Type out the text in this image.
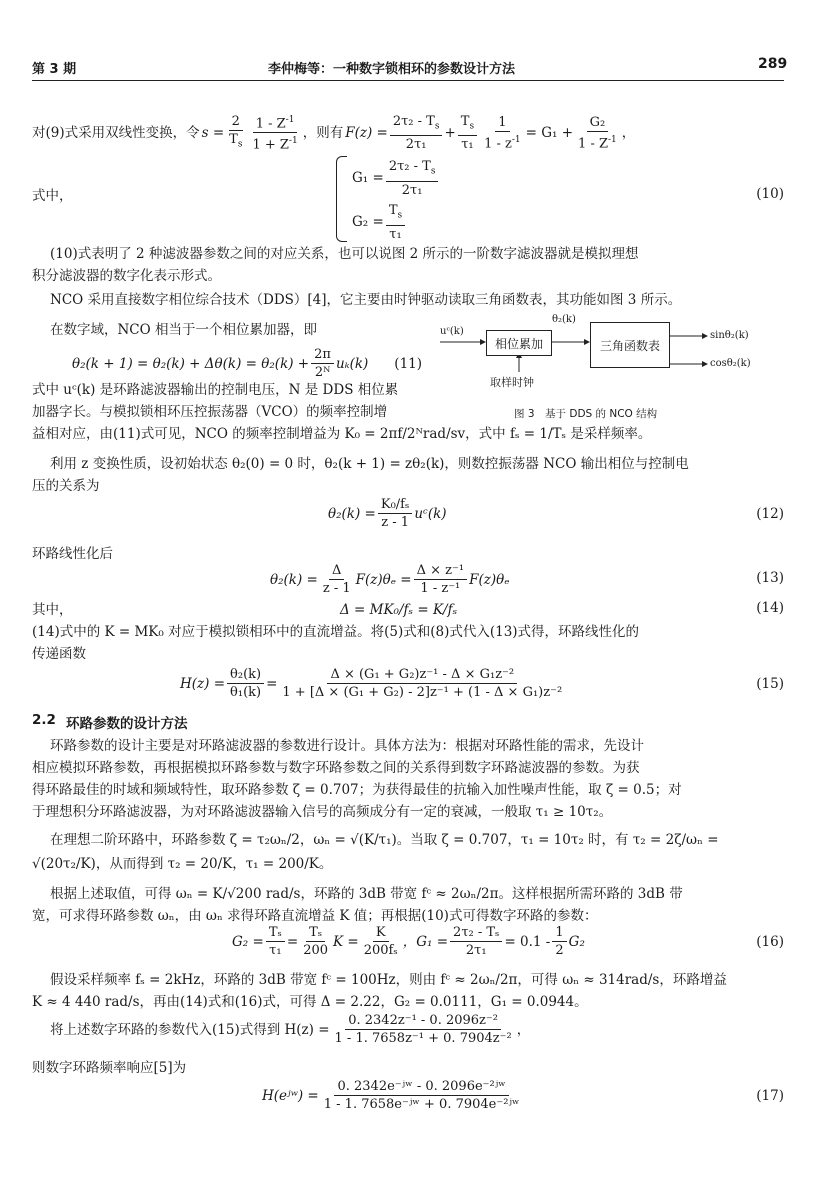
第 3 期	李仲梅等：一种数字锁相环的参数设计方法	289
对(9)式采用双线性变换，令 $s = \frac{2}{T_s} \frac{1 - Z^{-1}}{1 + Z^{-1}}$ ，则有 $F(z) = \frac{2\tau_2 - T_s}{\text{2τ₁}} + \frac{T_s}{\text{τ₁}} \frac{1}{1 - z^{-1}} = G_1 + \frac{\text{G₂}}{1 - Z^{-1}}$ ，
式中，
$G_1 = \frac{2\tau_2 - T_s}{\text{2τ₁}}$
$G_2 = \frac{T_s}{\text{τ₁}}$
(10)
(10)式表明了 2 种滤波器参数之间的对应关系，也可以说图 2 所示的一阶数字滤波器就是模拟理想
积分滤波器的数字化表示形式。
NCO 采用直接数字相位综合技术（DDS）[4]，它主要由时钟驱动读取三角函数表，其功能如图 3 所示。
在数字域，NCO 相当于一个相位累加器，即
$\theta_2(k + 1) = \theta_2(k) + \Delta\theta(k) = \theta_2(k) + \frac{2\pi}{\text{2ᴺ}} u_k(k)$ (11)
式中 uᶜ(k) 是环路滤波器输出的控制电压，N 是 DDS 相位累
加器字长。与模拟锁相环压控振荡器（VCO）的频率控制增
益相对应，由(11)式可见，NCO 的频率控制增益为 K₀ = 2πf/2ᴺrad/sv，式中 fₛ = 1/Tₛ 是采样频率。
相位累加	三角函数表
uᶜ(k)
θ₂(k)
取样时钟
sinθ₂(k)
cosθ₂(k)
图 3　基于 DDS 的 NCO 结构
利用 z 变换性质，设初始状态 θ₂(0) = 0 时，θ₂(k + 1) = zθ₂(k)，则数控振荡器 NCO 输出相位与控制电
压的关系为
$\theta_2(k) = \frac{\text{K₀/fₛ}}{z - 1}$ uᶜ(k)	(12)
环路线性化后
$\theta_2(k) = \frac{\Delta}{z - 1} F(z)\theta_e = \frac{\text{Δ × z⁻¹}}{\text{1 - z⁻¹}} F(z)\theta_e$	(13)
其中，	Δ = MK₀/fₛ = K/fₛ	(14)
(14)式中的 K = MK₀ 对应于模拟锁相环中的直流增益。将(5)式和(8)式代入(13)式得，环路线性化的
传递函数
$H(z) = \frac{\text{θ₂(k)}}{\text{θ₁(k)}} = \frac{\text{Δ × (G₁ + G₂)z⁻¹ - Δ × G₁z⁻²}}{\text{1 + [Δ × (G₁ + G₂) - 2]z⁻¹ + (1 - Δ × G₁)z⁻²}}$	(15)
2.2 环路参数的设计方法
环路参数的设计主要是对环路滤波器的参数进行设计。具体方法为：根据对环路性能的需求，先设计
相应模拟环路参数，再根据模拟环路参数与数字环路参数之间的关系得到数字环路滤波器的参数。为获
得环路最佳的时域和频域特性，取环路参数 ζ = 0.707；为获得最佳的抗输入加性噪声性能，取 ζ = 0.5；对
于理想积分环路滤波器，为对环路滤波器输入信号的高频成分有一定的衰减，一般取 τ₁ ≥ 10τ₂。
在理想二阶环路中，环路参数 ζ = τ₂ωₙ/2，ωₙ = √(K/τ₁)。当取 ζ = 0.707，τ₁ = 10τ₂ 时，有 τ₂ = 2ζ/ωₙ =
√(20τ₂/K)，从而得到 τ₂ = 20/K，τ₁ = 200/K。
根据上述取值，可得 ωₙ = K/√200 rad/s，环路的 3dB 带宽 fᶜ ≈ 2ωₙ/2π。这样根据所需环路的 3dB 带
宽，可求得环路参数 ωₙ，由 ωₙ 求得环路直流增益 K 值；再根据(10)式可得数字环路的参数：
$G_2 = \frac{\text{Tₛ}}{\text{τ₁}} = \frac{\text{Tₛ}}{200}$ $K = \frac{K}{\text{200fₛ}}$ ，$G_1 = \frac{\text{2τ₂ - Tₛ}}{\text{2τ₁}} = 0.1 - \frac{1}{2} G_2$	(16)
假设采样频率 fₛ = 2kHz，环路的 3dB 带宽 fᶜ = 100Hz，则由 fᶜ ≈ 2ωₙ/2π，可得 ωₙ ≈ 314rad/s，环路增益
K ≈ 4 440 rad/s，再由(14)式和(16)式，可得 Δ = 2.22，G₂ = 0.0111，G₁ = 0.0944。
将上述数字环路的参数代入(15)式得到 $H(z) = \frac{\text{0. 2342z⁻¹ - 0. 2096z⁻²}}{\text{1 - 1. 7658z⁻¹ + 0. 7904z⁻²}}$ ，
则数字环路频率响应[5]为
H(eʲʷ) = $\frac{\text{0. 2342e⁻ʲʷ - 0. 2096e⁻²ʲʷ}}{\text{1 - 1. 7658e⁻ʲʷ + 0. 7904e⁻²ʲʷ}}$	(17)
